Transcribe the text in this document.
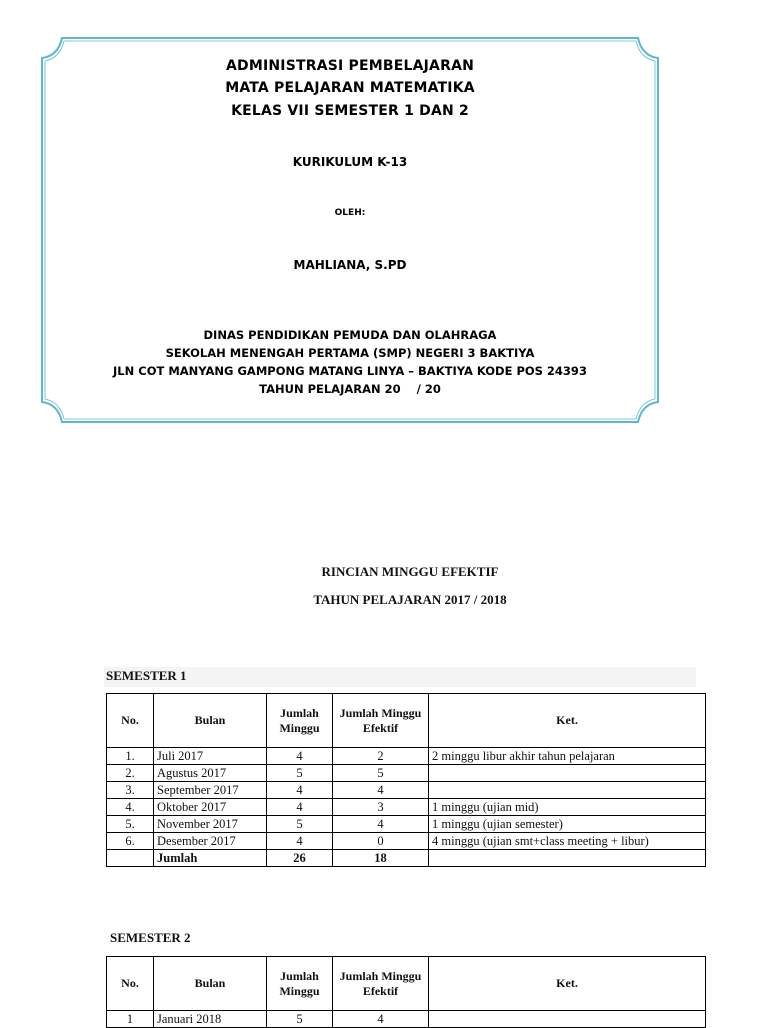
ADMINISTRASI PEMBELAJARAN
MATA PELAJARAN MATEMATIKA
KELAS VII SEMESTER 1 DAN 2
KURIKULUM K-13
OLEH:
MAHLIANA, S.PD
DINAS PENDIDIKAN PEMUDA DAN OLAHRAGA
SEKOLAH MENENGAH PERTAMA (SMP) NEGERI 3 BAKTIYA
JLN COT MANYANG GAMPONG MATANG LINYA – BAKTIYA KODE POS 24393
TAHUN PELAJARAN 20    / 20
RINCIAN MINGGU EFEKTIF
TAHUN PELAJARAN 2017 / 2018
SEMESTER 1
No.	Bulan	Jumlah Minggu	Jumlah Minggu Efektif	Ket.
1.	Juli 2017	4	2	2 minggu libur akhir tahun pelajaran
2.	Agustus 2017	5	5	
3.	September 2017	4	4	
4.	Oktober 2017	4	3	1 minggu (ujian mid)
5.	November 2017	5	4	1 minggu (ujian semester)
6.	Desember 2017	4	0	4 minggu (ujian smt+class meeting + libur)
	Jumlah	26	18	
SEMESTER 2
No.	Bulan	Jumlah Minggu	Jumlah Minggu Efektif	Ket.
1	Januari 2018	5	4	
